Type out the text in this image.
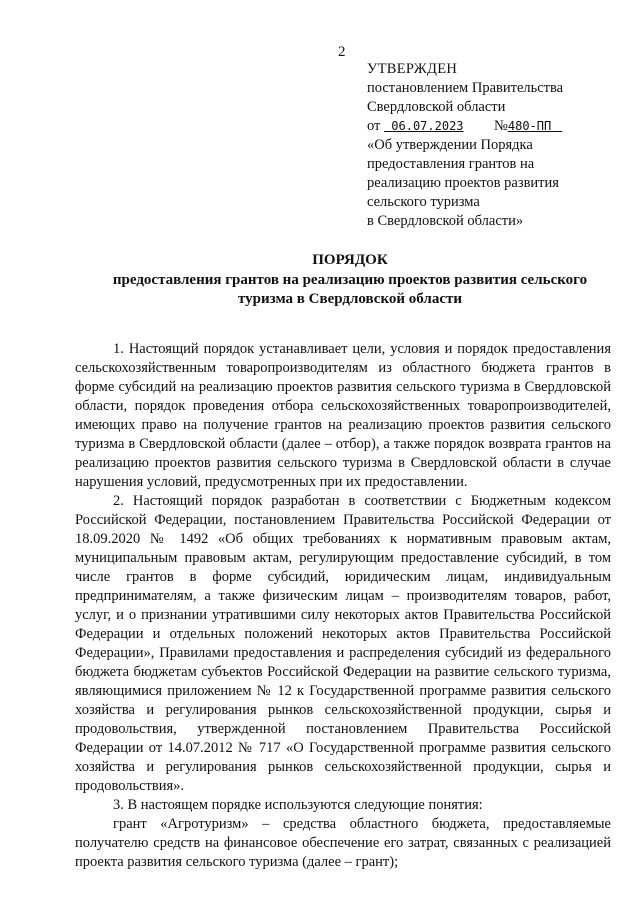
2
УТВЕРЖДЕН
постановлением Правительства
Свердловской области
от 06.07.2023 №480-ПП
«Об утверждении Порядка
предоставления грантов на
реализацию проектов развития
сельского туризма
в Свердловской области»
ПОРЯДОК
предоставления грантов на реализацию проектов развития сельского
туризма в Свердловской области

1. Настоящий порядок устанавливает цели, условия и порядок предоставления сельскохозяйственным товаропроизводителям из областного бюджета грантов в форме субсидий на реализацию проектов развития сельского туризма в Свердловской области, порядок проведения отбора сельскохозяйственных товаропроизводителей, имеющих право на получение грантов на реализацию проектов развития сельского туризма в Свердловской области (далее – отбор), а также порядок возврата грантов на реализацию проектов развития сельского туризма в Свердловской области в случае нарушения условий, предусмотренных при их предоставлении.

2. Настоящий порядок разработан в соответствии с Бюджетным кодексом Российской Федерации, постановлением Правительства Российской Федерации от 18.09.2020 № 1492 «Об общих требованиях к нормативным правовым актам, муниципальным правовым актам, регулирующим предоставление субсидий, в том числе грантов в форме субсидий, юридическим лицам, индивидуальным предпринимателям, а также физическим лицам – производителям товаров, работ, услуг, и о признании утратившими силу некоторых актов Правительства Российской Федерации и отдельных положений некоторых актов Правительства Российской Федерации», Правилами предоставления и распределения субсидий из федерального бюджета бюджетам субъектов Российской Федерации на развитие сельского туризма, являющимися приложением № 12 к Государственной программе развития сельского хозяйства и регулирования рынков сельскохозяйственной продукции, сырья и продовольствия, утвержденной постановлением Правительства Российской Федерации от 14.07.2012 № 717 «О Государственной программе развития сельского хозяйства и регулирования рынков сельскохозяйственной продукции, сырья и продовольствия».

3. В настоящем порядке используются следующие понятия:

грант «Агротуризм» – средства областного бюджета, предоставляемые получателю средств на финансовое обеспечение его затрат, связанных с реализацией проекта развития сельского туризма (далее – грант);
